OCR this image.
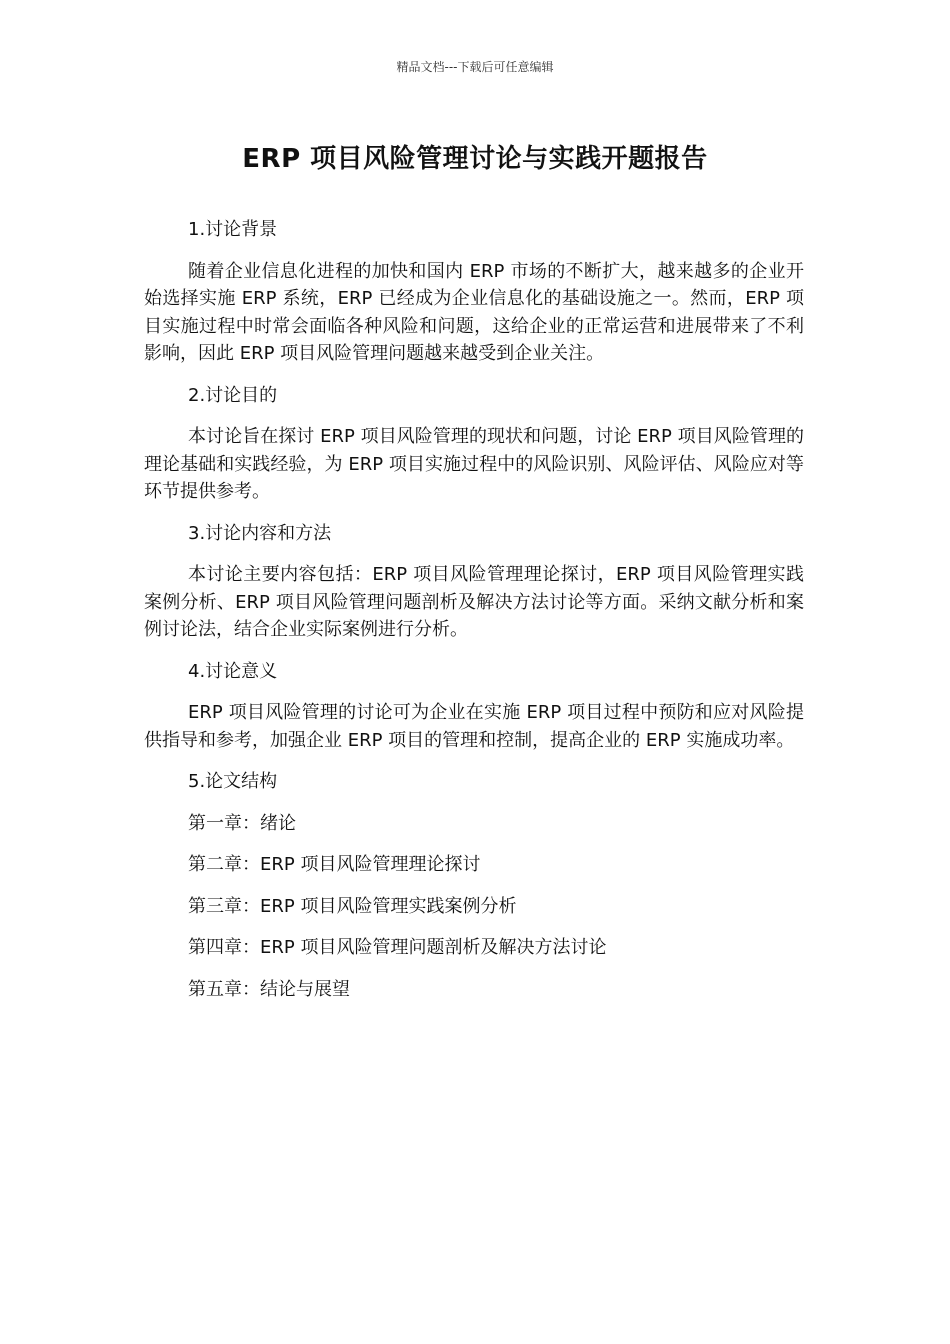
精品文档---下载后可任意编辑
ERP 项目风险管理讨论与实践开题报告

1.讨论背景

随着企业信息化进程的加快和国内 ERP 市场的不断扩大，越来越多的企业开始选择实施 ERP 系统，ERP 已经成为企业信息化的基础设施之一。然而，ERP 项目实施过程中时常会面临各种风险和问题，这给企业的正常运营和进展带来了不利影响，因此 ERP 项目风险管理问题越来越受到企业关注。

2.讨论目的

本讨论旨在探讨 ERP 项目风险管理的现状和问题，讨论 ERP 项目风险管理的理论基础和实践经验，为 ERP 项目实施过程中的风险识别、风险评估、风险应对等环节提供参考。

3.讨论内容和方法

本讨论主要内容包括：ERP 项目风险管理理论探讨，ERP 项目风险管理实践案例分析、ERP 项目风险管理问题剖析及解决方法讨论等方面。采纳文献分析和案例讨论法，结合企业实际案例进行分析。

4.讨论意义

ERP 项目风险管理的讨论可为企业在实施 ERP 项目过程中预防和应对风险提供指导和参考，加强企业 ERP 项目的管理和控制，提高企业的 ERP 实施成功率。

5.论文结构

第一章：绪论

第二章：ERP 项目风险管理理论探讨

第三章：ERP 项目风险管理实践案例分析

第四章：ERP 项目风险管理问题剖析及解决方法讨论

第五章：结论与展望
